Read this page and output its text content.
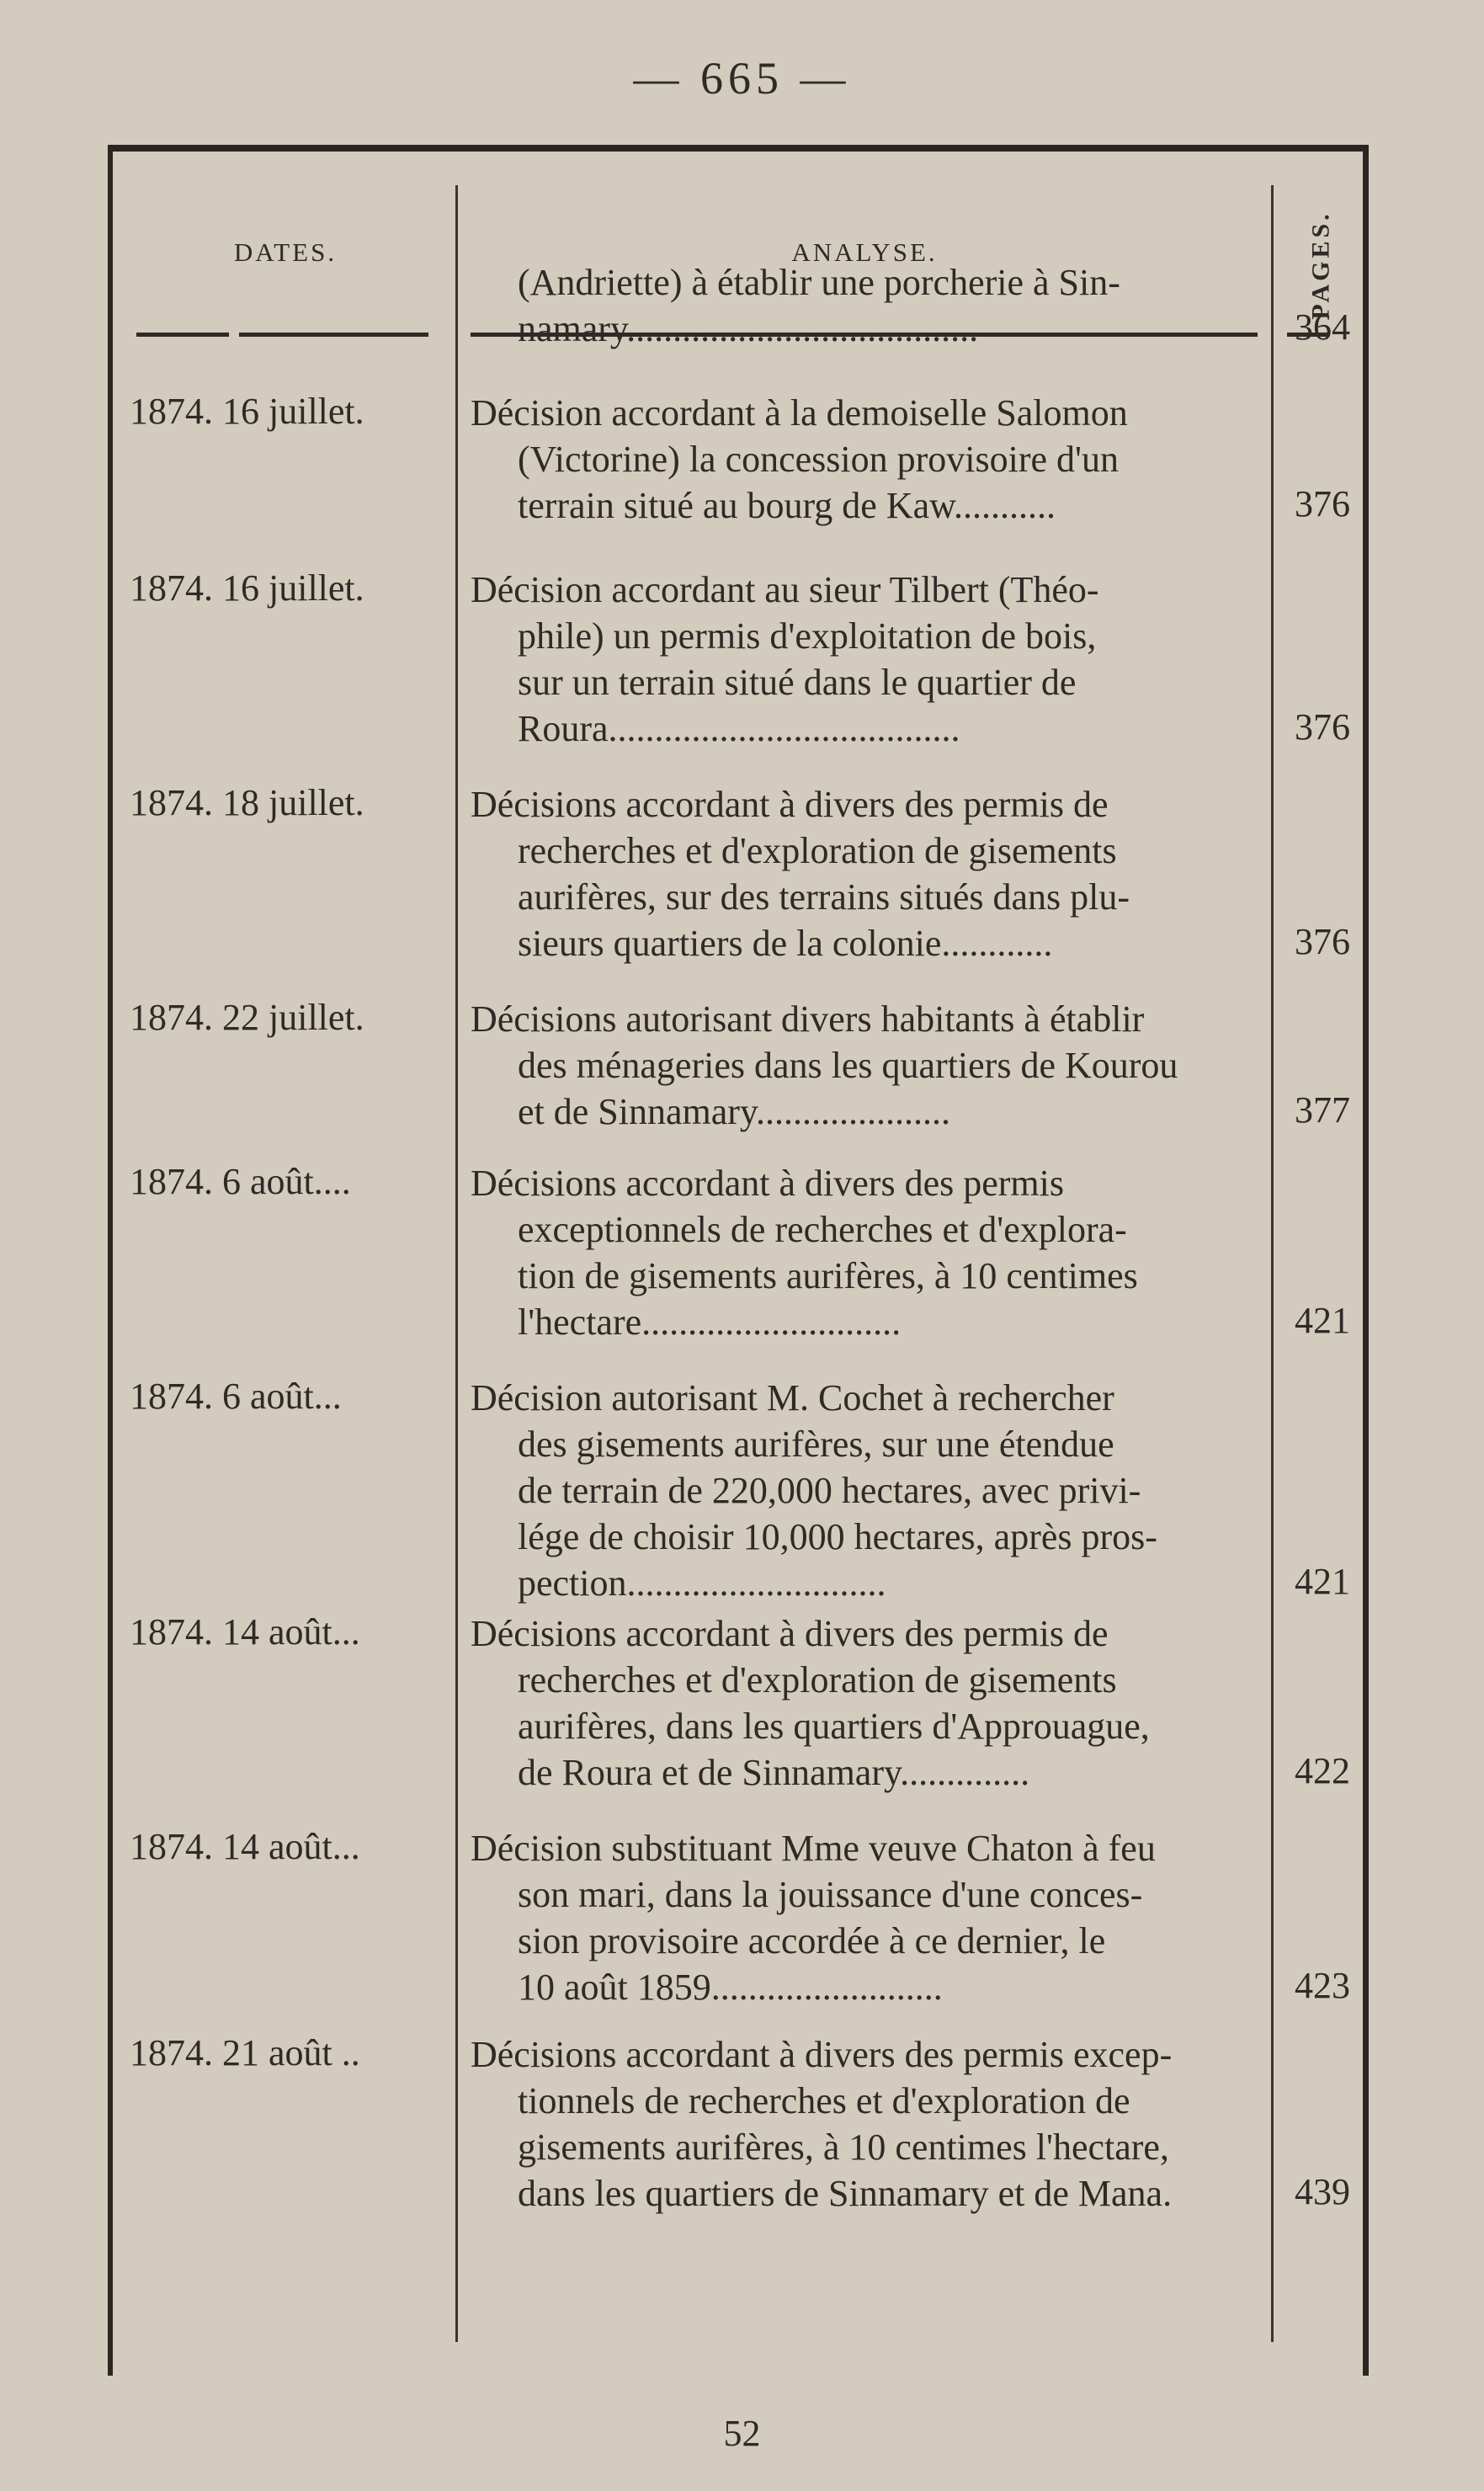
— 665 —
DATES.	ANALYSE.	PAGES.
(Andriette) à établir une porcherie à Sin-
namary......................................	364
1874. 16 juillet.	Décision accordant à la demoiselle Salomon
(Victorine) la concession provisoire d'un
terrain situé au bourg de Kaw...........	376
1874. 16 juillet.	Décision accordant au sieur Tilbert (Théo-
phile) un permis d'exploitation de bois,
sur un terrain situé dans le quartier de
Roura......................................	376
1874. 18 juillet.	Décisions accordant à divers des permis de
recherches et d'exploration de gisements
aurifères, sur des terrains situés dans plu-
sieurs quartiers de la colonie............	376
1874. 22 juillet.	Décisions autorisant divers habitants à établir
des ménageries dans les quartiers de Kourou
et de Sinnamary.....................	377
1874. 6 août....	Décisions accordant à divers des permis
exceptionnels de recherches et d'explora-
tion de gisements aurifères, à 10 centimes
l'hectare............................	421
1874. 6 août...	Décision autorisant M. Cochet à rechercher
des gisements aurifères, sur une étendue
de terrain de 220,000 hectares, avec privi-
lége de choisir 10,000 hectares, après pros-
pection............................	421
1874. 14 août...	Décisions accordant à divers des permis de
recherches et d'exploration de gisements
aurifères, dans les quartiers d'Approuague,
de Roura et de Sinnamary..............	422
1874. 14 août...	Décision substituant Mme veuve Chaton à feu
son mari, dans la jouissance d'une conces-
sion provisoire accordée à ce dernier, le
10 août 1859.........................	423
1874. 21 août ..	Décisions accordant à divers des permis excep-
tionnels de recherches et d'exploration de
gisements aurifères, à 10 centimes l'hectare,
dans les quartiers de Sinnamary et de Mana.	439
52
